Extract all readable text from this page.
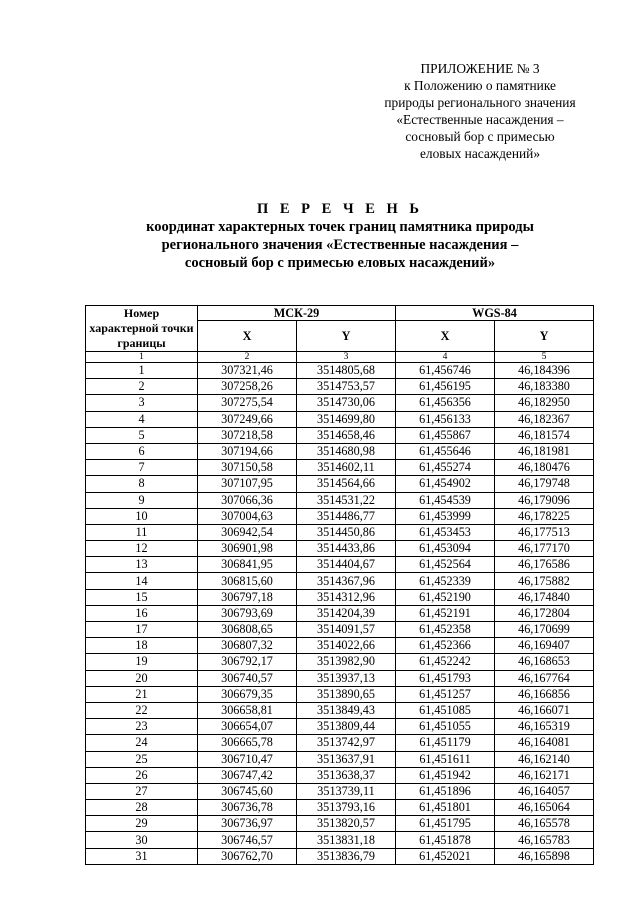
ПРИЛОЖЕНИЕ № 3
к Положению о памятнике
природы регионального значения
«Естественные насаждения –
сосновый бор с примесью
еловых насаждений»
П Е Р Е Ч Е Н Ь
координат характерных точек границ памятника природы
регионального значения «Естественные насаждения –
сосновый бор с примесью еловых насаждений»
Номер характерной точки границы	МСК-29		WGS-84	
	X	Y	X	Y
1	2	3	4	5
1	307321,46	3514805,68	61,456746	46,184396
2	307258,26	3514753,57	61,456195	46,183380
3	307275,54	3514730,06	61,456356	46,182950
4	307249,66	3514699,80	61,456133	46,182367
5	307218,58	3514658,46	61,455867	46,181574
6	307194,66	3514680,98	61,455646	46,181981
7	307150,58	3514602,11	61,455274	46,180476
8	307107,95	3514564,66	61,454902	46,179748
9	307066,36	3514531,22	61,454539	46,179096
10	307004,63	3514486,77	61,453999	46,178225
11	306942,54	3514450,86	61,453453	46,177513
12	306901,98	3514433,86	61,453094	46,177170
13	306841,95	3514404,67	61,452564	46,176586
14	306815,60	3514367,96	61,452339	46,175882
15	306797,18	3514312,96	61,452190	46,174840
16	306793,69	3514204,39	61,452191	46,172804
17	306808,65	3514091,57	61,452358	46,170699
18	306807,32	3514022,66	61,452366	46,169407
19	306792,17	3513982,90	61,452242	46,168653
20	306740,57	3513937,13	61,451793	46,167764
21	306679,35	3513890,65	61,451257	46,166856
22	306658,81	3513849,43	61,451085	46,166071
23	306654,07	3513809,44	61,451055	46,165319
24	306665,78	3513742,97	61,451179	46,164081
25	306710,47	3513637,91	61,451611	46,162140
26	306747,42	3513638,37	61,451942	46,162171
27	306745,60	3513739,11	61,451896	46,164057
28	306736,78	3513793,16	61,451801	46,165064
29	306736,97	3513820,57	61,451795	46,165578
30	306746,57	3513831,18	61,451878	46,165783
31	306762,70	3513836,79	61,452021	46,165898
